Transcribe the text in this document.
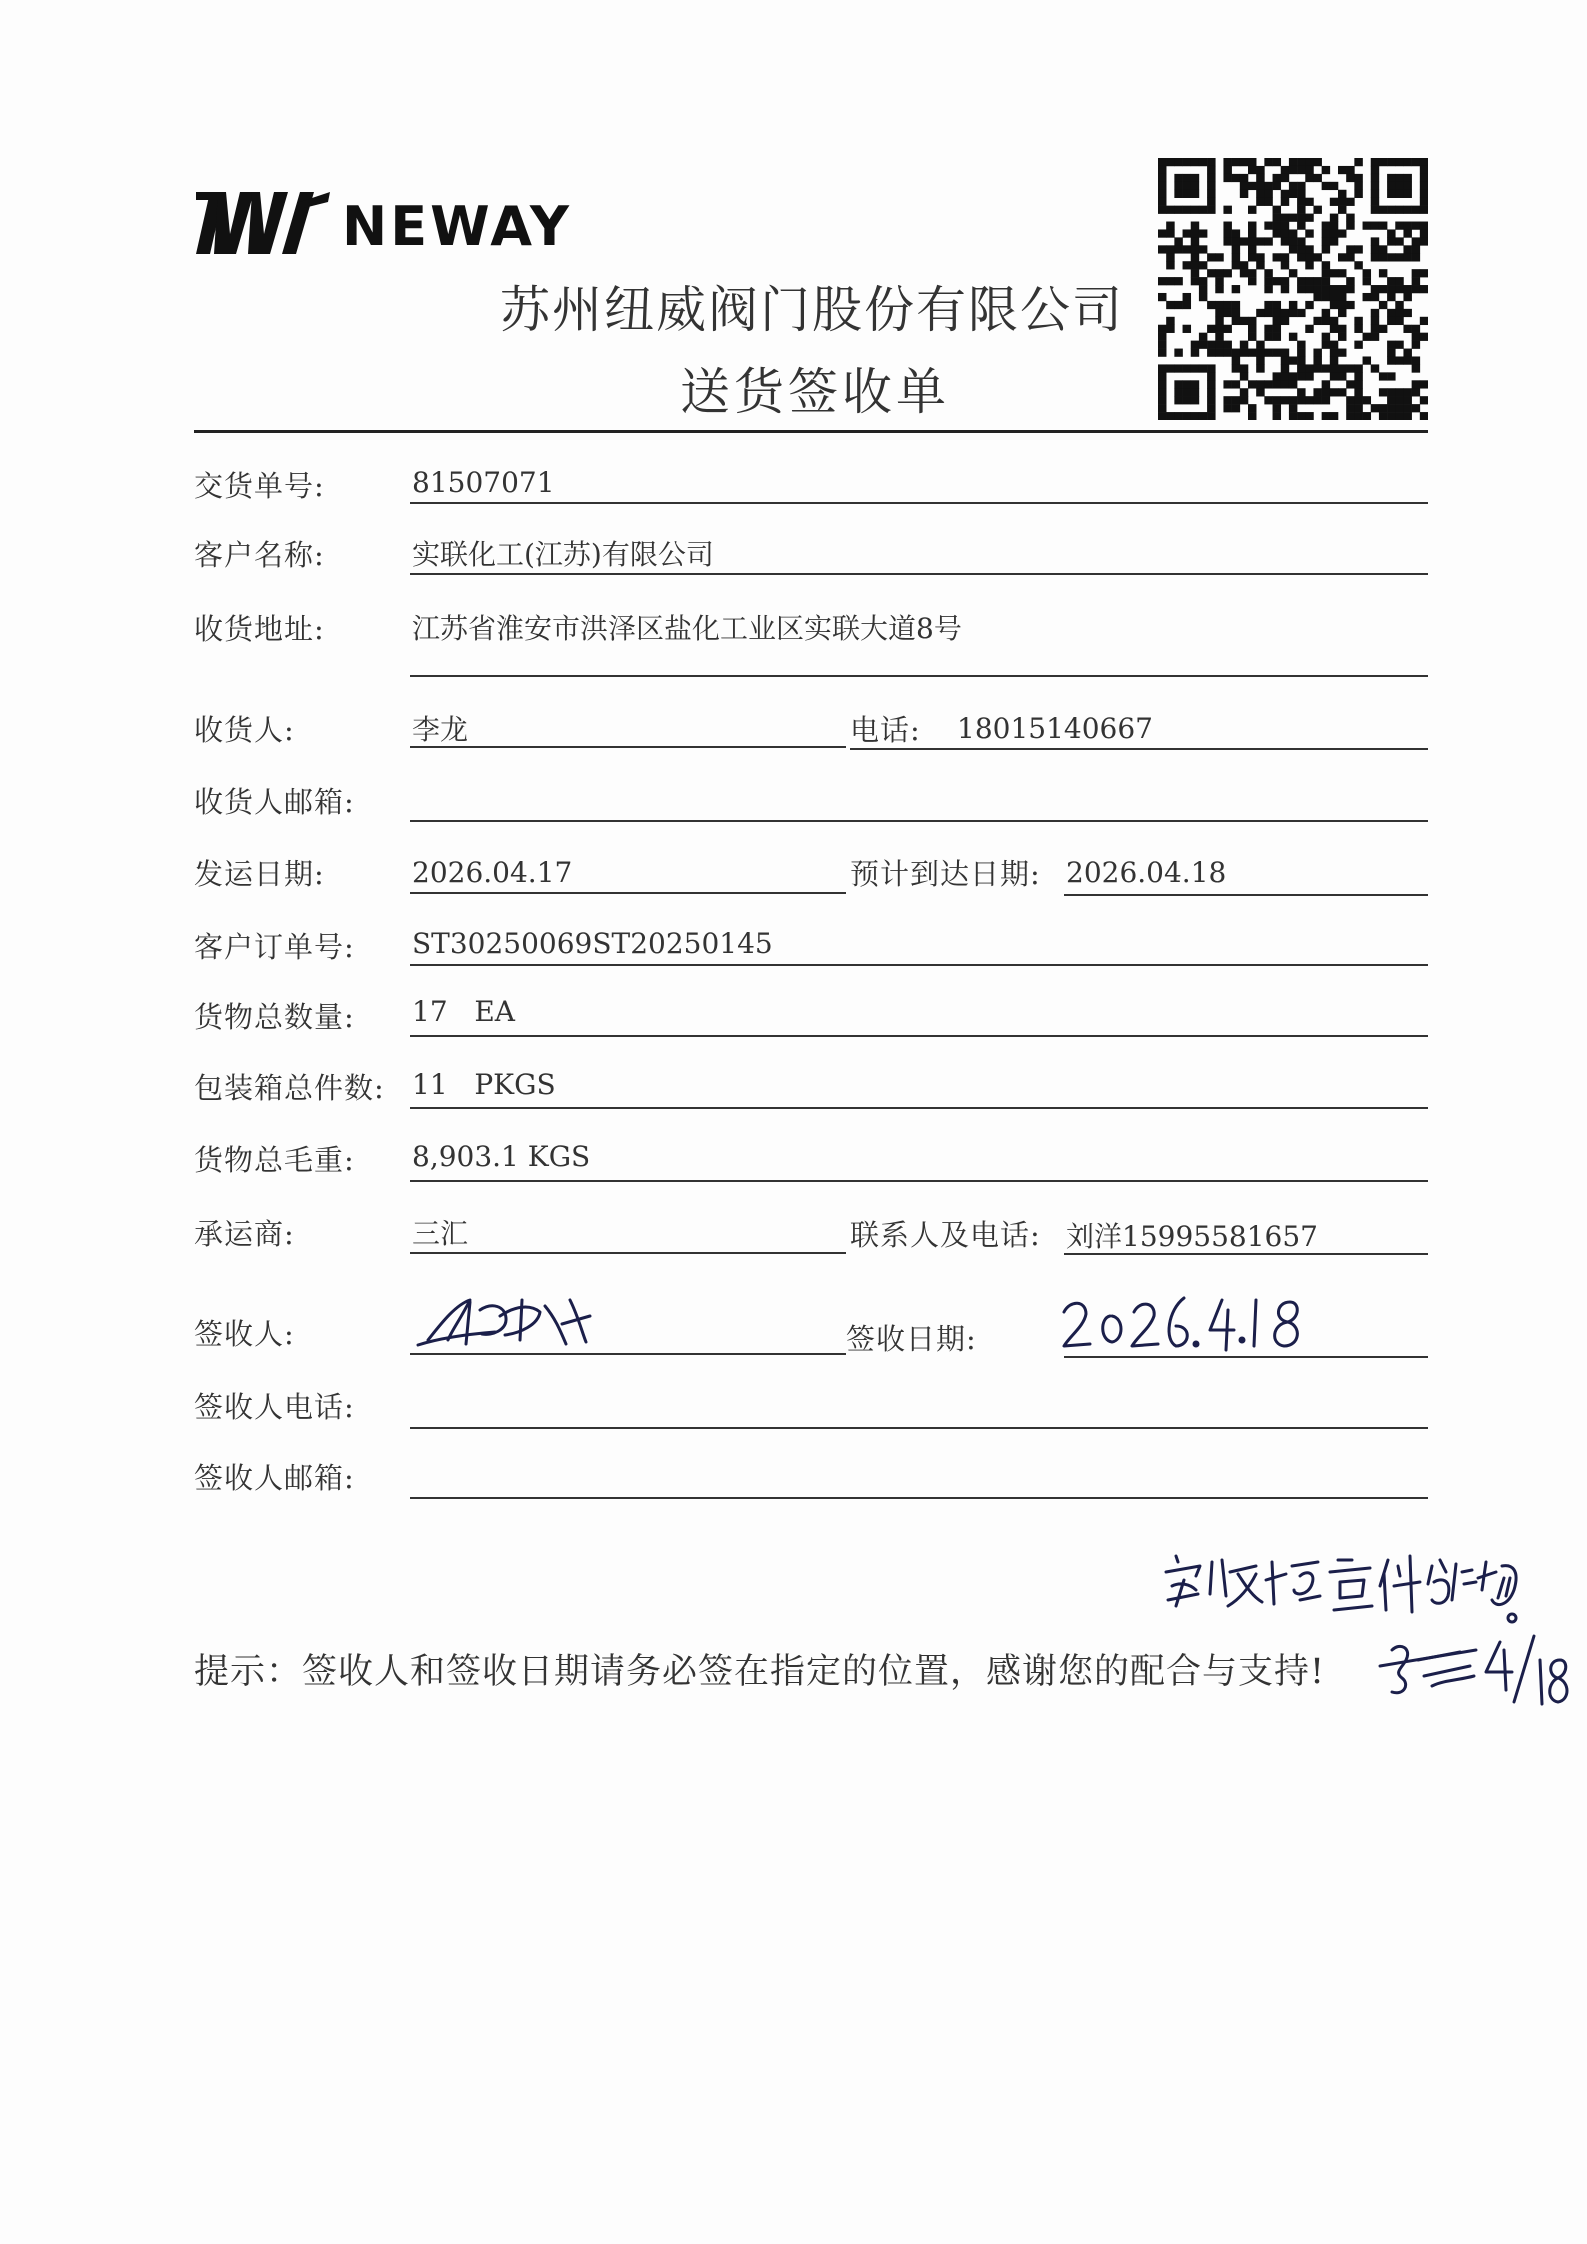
NEWAY
苏州纽威阀门股份有限公司
送货签收单
交货单号:	81507071
客户名称:	实联化工(江苏)有限公司
收货地址:	江苏省淮安市洪泽区盐化工业区实联大道8号
收货人:	李龙	电话: 18015140667
收货人邮箱:
发运日期:	2026.04.17	预计到达日期: 2026.04.18
客户订单号: ST30250069ST20250145
货物总数量: 17   EA
包装箱总件数: 11   PKGS
货物总毛重: 8,903.1 KGS
承运商:	三汇	联系人及电话: 刘洋15995581657
签收人:	签收日期:
签收人电话:
签收人邮箱:
提示：签收人和签收日期请务必签在指定的位置，感谢您的配合与支持!
